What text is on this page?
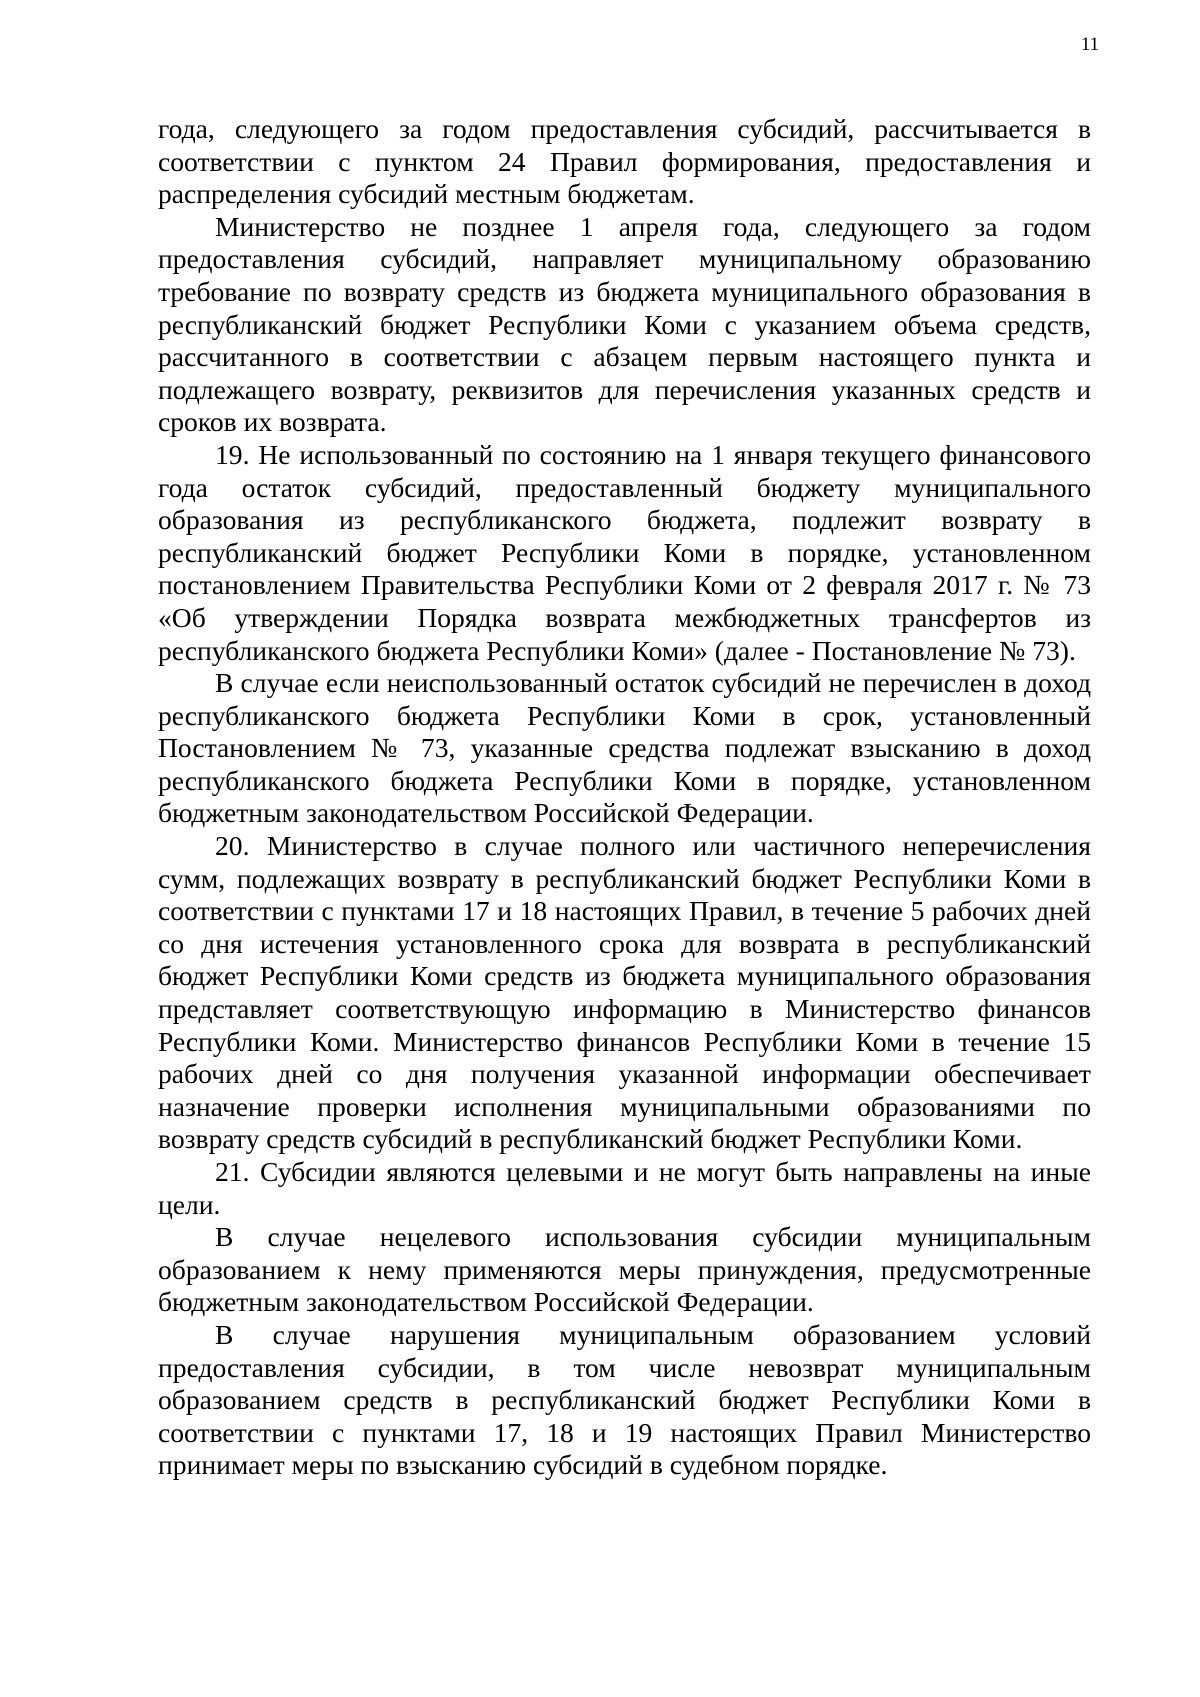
11

года, следующего за годом предоставления субсидий, рассчитывается в соответствии с пунктом 24 Правил формирования, предоставления и распределения субсидий местным бюджетам.

Министерство не позднее 1 апреля года, следующего за годом предоставления субсидий, направляет муниципальному образованию требование по возврату средств из бюджета муниципального образования в республиканский бюджет Республики Коми с указанием объема средств, рассчитанного в соответствии с абзацем первым настоящего пункта и подлежащего возврату, реквизитов для перечисления указанных средств и сроков их возврата.

19. Не использованный по состоянию на 1 января текущего финансового года остаток субсидий, предоставленный бюджету муниципального образования из республиканского бюджета, подлежит возврату в республиканский бюджет Республики Коми в порядке, установленном постановлением Правительства Республики Коми от 2 февраля 2017 г. № 73 «Об утверждении Порядка возврата межбюджетных трансфертов из республиканского бюджета Республики Коми» (далее - Постановление № 73).

В случае если неиспользованный остаток субсидий не перечислен в доход республиканского бюджета Республики Коми в срок, установленный Постановлением № 73, указанные средства подлежат взысканию в доход республиканского бюджета Республики Коми в порядке, установленном бюджетным законодательством Российской Федерации.

20. Министерство в случае полного или частичного неперечисления сумм, подлежащих возврату в республиканский бюджет Республики Коми в соответствии с пунктами 17 и 18 настоящих Правил, в течение 5 рабочих дней со дня истечения установленного срока для возврата в республиканский бюджет Республики Коми средств из бюджета муниципального образования представляет соответствующую информацию в Министерство финансов Республики Коми. Министерство финансов Республики Коми в течение 15 рабочих дней со дня получения указанной информации обеспечивает назначение проверки исполнения муниципальными образованиями по возврату средств субсидий в республиканский бюджет Республики Коми.

21. Субсидии являются целевыми и не могут быть направлены на иные цели.

В случае нецелевого использования субсидии муниципальным образованием к нему применяются меры принуждения, предусмотренные бюджетным законодательством Российской Федерации.

В случае нарушения муниципальным образованием условий предоставления субсидии, в том числе невозврат муниципальным образованием средств в республиканский бюджет Республики Коми в соответствии с пунктами 17, 18 и 19 настоящих Правил Министерство принимает меры по взысканию субсидий в судебном порядке.
